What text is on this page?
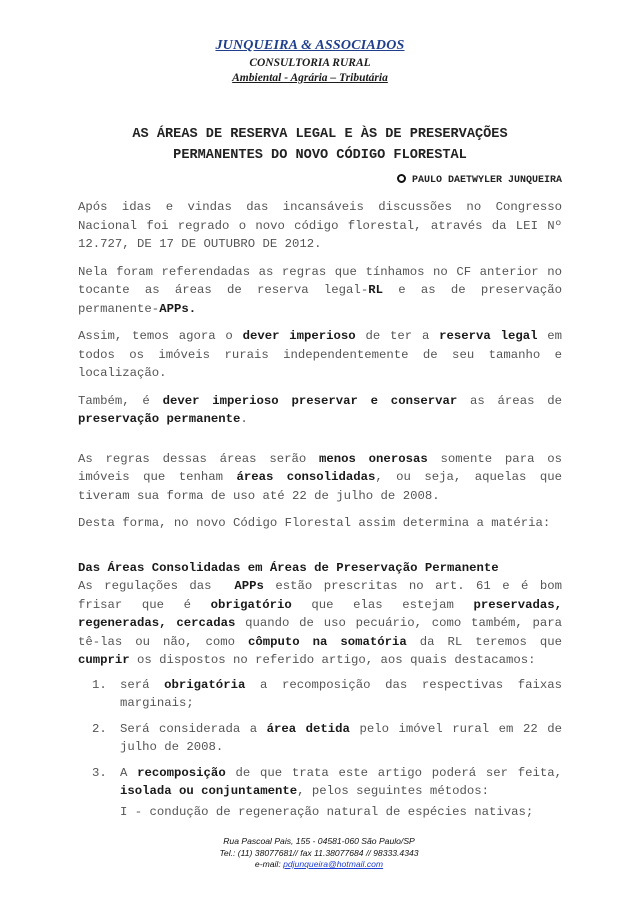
JUNQUEIRA & ASSOCIADOS
CONSULTORIA RURAL
Ambiental - Agrária – Tributária
AS ÁREAS DE RESERVA LEGAL E ÀS DE PRESERVAÇÕES
PERMANENTES DO NOVO CÓDIGO FLORESTAL
PAULO DAETWYLER JUNQUEIRA

Após idas e vindas das incansáveis discussões no Congresso Nacional foi regrado o novo código florestal, através da LEI Nº 12.727, DE 17 DE OUTUBRO DE 2012.

Nela foram referendadas as regras que tínhamos no CF anterior no tocante as áreas de reserva legal-RL e as de preservação permanente-APPs.

Assim, temos agora o dever imperioso de ter a reserva legal em todos os imóveis rurais independentemente de seu tamanho e localização.

Também, é dever imperioso preservar e conservar as áreas de preservação permanente.

As regras dessas áreas serão menos onerosas somente para os imóveis que tenham áreas consolidadas, ou seja, aquelas que tiveram sua forma de uso até 22 de julho de 2008.

Desta forma, no novo Código Florestal assim determina a matéria:

Das Áreas Consolidadas em Áreas de Preservação Permanente

As regulações das  APPs estão prescritas no art. 61 e é bom frisar que é obrigatório que elas estejam preservadas, regeneradas, cercadas quando de uso pecuário, como também, para tê-las ou não, como cômputo na somatória da RL teremos que cumprir os dispostos no referido artigo, aos quais destacamos:

1. será obrigatória a recomposição das respectivas faixas marginais;
2. Será considerada a área detida pelo imóvel rural em 22 de julho de 2008.
3. A recomposição de que trata este artigo poderá ser feita, isolada ou conjuntamente, pelos seguintes métodos:
I - condução de regeneração natural de espécies nativas;
Rua Pascoal Pais, 155 - 04581-060 São Paulo/SP
Tel.: (11) 38077681// fax 11.38077684 // 98333.4343
e-mail: pdjunqueira@hotmail.com
